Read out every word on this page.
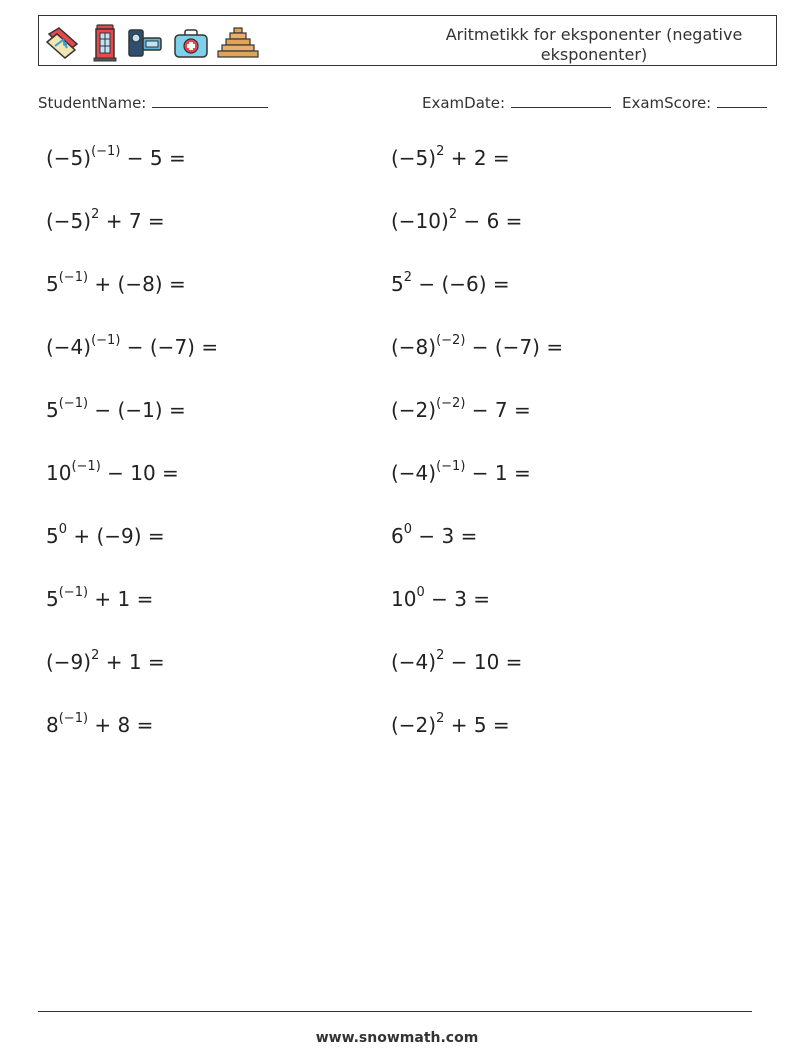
Aritmetikk for eksponenter (negative eksponenter)
StudentName:	ExamDate:	ExamScore:
$(-5)^{(-1)} - 5$ =	$(-5)^2 + 2$ =
$(-5)^2 + 7$ =	$(-10)^2 - 6$ =
$5^{(-1)} + (-8)$ =	$5^2 - (-6)$ =
$(-4)^{(-1)} - (-7)$ =	$(-8)^{(-2)} - (-7)$ =
$5^{(-1)} - (-1)$ =	$(-2)^{(-2)} - 7$ =
$10^{(-1)} - 10$ =	$(-4)^{(-1)} - 1$ =
$5^0 + (-9)$ =	$6^0 - 3$ =
$5^{(-1)} + 1$ =	$10^0 - 3$ =
$(-9)^2 + 1$ =	$(-4)^2 - 10$ =
$8^{(-1)} + 8$ =	$(-2)^2 + 5$ =
www.snowmath.com
